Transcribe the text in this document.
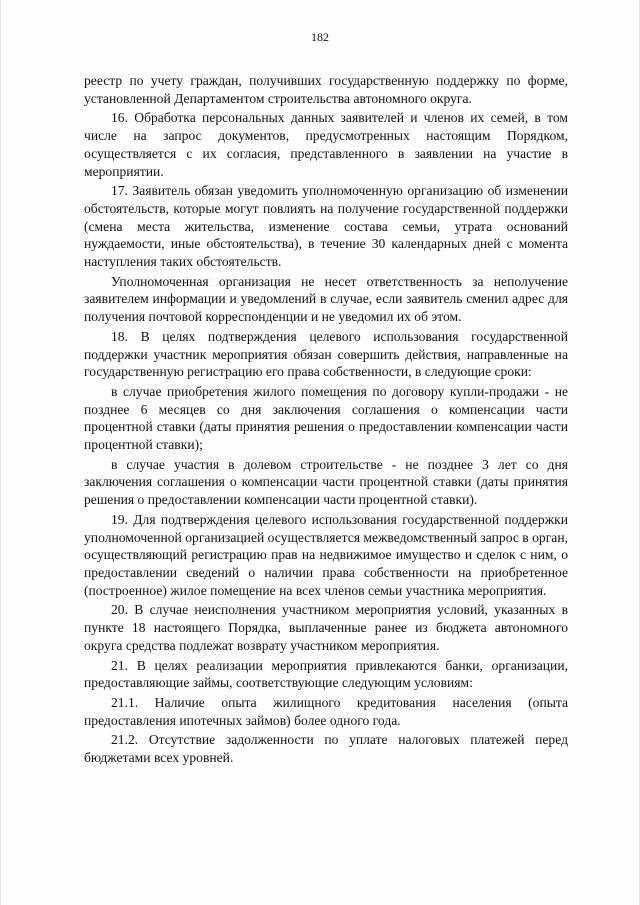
182

реестр по учету граждан, получивших государственную поддержку по форме, установленной Департаментом строительства автономного округа.

16. Обработка персональных данных заявителей и членов их семей, в том числе на запрос документов, предусмотренных настоящим Порядком, осуществляется с их согласия, представленного в заявлении на участие в мероприятии.

17. Заявитель обязан уведомить уполномоченную организацию об изменении обстоятельств, которые могут повлиять на получение государственной поддержки (смена места жительства, изменение состава семьи, утрата оснований нуждаемости, иные обстоятельства), в течение 30 календарных дней с момента наступления таких обстоятельств.

Уполномоченная организация не несет ответственность за неполучение заявителем информации и уведомлений в случае, если заявитель сменил адрес для получения почтовой корреспонденции и не уведомил их об этом.

18. В целях подтверждения целевого использования государственной поддержки участник мероприятия обязан совершить действия, направленные на государственную регистрацию его права собственности, в следующие сроки:

в случае приобретения жилого помещения по договору купли-продажи - не позднее 6 месяцев со дня заключения соглашения о компенсации части процентной ставки (даты принятия решения о предоставлении компенсации части процентной ставки);

в случае участия в долевом строительстве - не позднее 3 лет со дня заключения соглашения о компенсации части процентной ставки (даты принятия решения о предоставлении компенсации части процентной ставки).

19. Для подтверждения целевого использования государственной поддержки уполномоченной организацией осуществляется межведомственный запрос в орган, осуществляющий регистрацию прав на недвижимое имущество и сделок с ним, о предоставлении сведений о наличии права собственности на приобретенное (построенное) жилое помещение на всех членов семьи участника мероприятия.

20. В случае неисполнения участником мероприятия условий, указанных в пункте 18 настоящего Порядка, выплаченные ранее из бюджета автономного округа средства подлежат возврату участником мероприятия.

21. В целях реализации мероприятия привлекаются банки, организации, предоставляющие займы, соответствующие следующим условиям:

21.1. Наличие опыта жилищного кредитования населения (опыта предоставления ипотечных займов) более одного года.

21.2. Отсутствие задолженности по уплате налоговых платежей перед бюджетами всех уровней.
